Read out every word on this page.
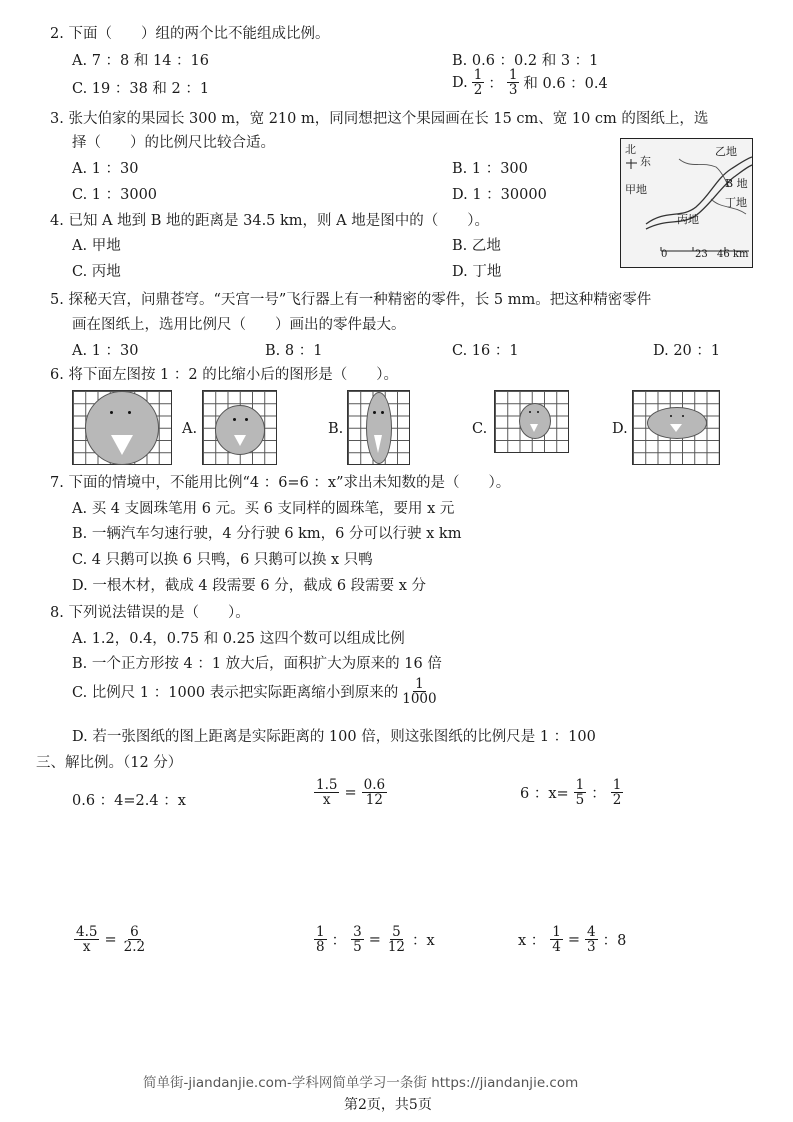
2. 下面（　　）组的两个比不能组成比例。
A. 7 ：8 和 14 ：16	B. 0.6 ：0.2 和 3 ：1
C. 19 ：38 和 2 ：1	D. $\frac{1}{2}$ ： $\frac{1}{3}$ 和 0.6 ：0.4
3. 张大伯家的果园长 300 m，宽 210 m，同同想把这个果园画在长 15 cm、宽 10 cm 的图纸上，选
择（　　）的比例尺比较合适。
A. 1 ：30	B. 1 ：300
C. 1 ：3000	D. 1 ：30000
北
东
乙地
甲地	B 地
丁地
丙地
0	23 46 km
4. 已知 A 地到 B 地的距离是 34.5 km，则 A 地是图中的（　　）。
A. 甲地	B. 乙地
C. 丙地	D. 丁地
5. 探秘天宫，问鼎苍穹。“天宫一号”飞行器上有一种精密的零件，长 5 mm。把这种精密零件
画在图纸上，选用比例尺（　　）画出的零件最大。
A. 1 ：30	B. 8 ：1	C. 16 ：1	D. 20 ：1
6. 将下面左图按 1 ：2 的比缩小后的图形是（　　）。
A.	B.	C.	D.
7. 下面的情境中，不能用比例“4 ：6=6 ：x”求出未知数的是（　　）。
A. 买 4 支圆珠笔用 6 元。买 6 支同样的圆珠笔，要用 x 元
B. 一辆汽车匀速行驶，4 分行驶 6 km，6 分可以行驶 x km
C. 4 只鹅可以换 6 只鸭，6 只鹅可以换 x 只鸭
D. 一根木材，截成 4 段需要 6 分，截成 6 段需要 x 分
8. 下列说法错误的是（　　）。
A. 1.2，0.4，0.75 和 0.25 这四个数可以组成比例
B. 一个正方形按 4 ：1 放大后，面积扩大为原来的 16 倍
C. 比例尺 1 ：1000 表示把实际距离缩小到原来的 $\frac{1}{1000}$
D. 若一张图纸的图上距离是实际距离的 100 倍，则这张图纸的比例尺是 1 ：100
三、解比例。（12 分）
0.6 ：4=2.4 ：x	$\frac{1.5}{x} = \frac{0.6}{12}$	6 ：$x= \frac{1}{5}$ ： $\frac{1}{2}$
$\frac{4.5}{x} = \frac{6}{2.2}$	$\frac{1}{8}$ ： $\frac{3}{5} = \frac{5}{12}$ ：x	x ： $\frac{1}{4} = \frac{4}{3}$ ：8
简单街-jiandanjie.com-学科网简单学习一条街 https://jiandanjie.com
第2页，共5页
